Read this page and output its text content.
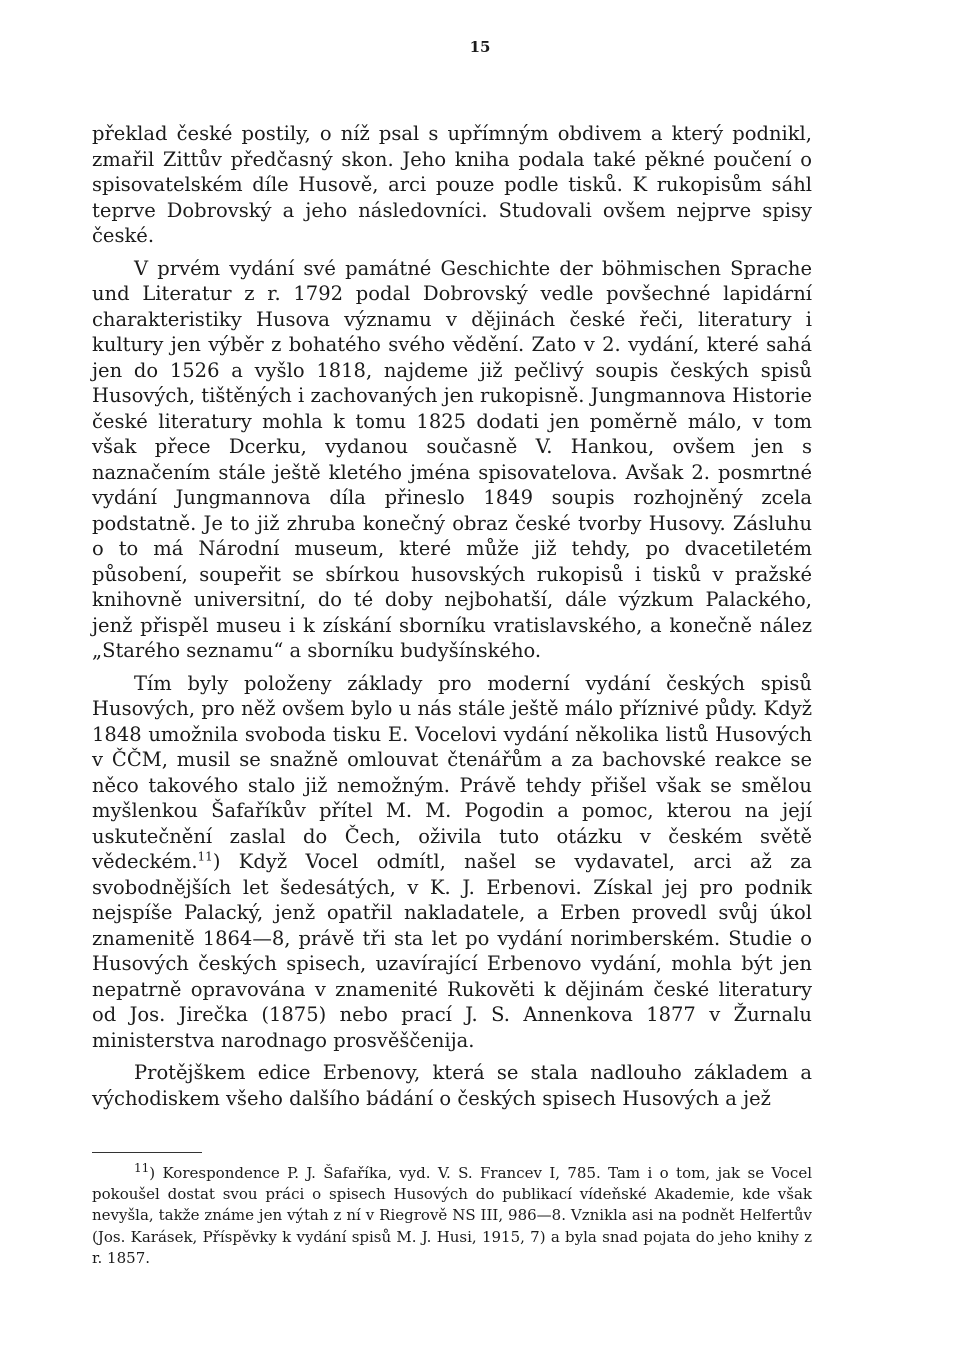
15

překlad české postily, o níž psal s upřímným obdivem a který podnikl, zmařil Zittův předčasný skon. Jeho kniha podala také pěkné poučení o spisovatelském díle Husově, arci pouze podle tisků. K rukopisům sáhl teprve Dobrovský a jeho následovníci. Studovali ovšem nejprve spisy české.

V prvém vydání své památné Geschichte der böhmischen Sprache und Literatur z r. 1792 podal Dobrovský vedle povšechné lapidární charakteristiky Husova významu v dějinách české řeči, literatury i kultury jen výběr z bohatého svého vědění. Zato v 2. vydání, které sahá jen do 1526 a vyšlo 1818, najdeme již pečlivý soupis českých spisů Husových, tištěných i zachovaných jen rukopisně. Jungmannova Historie české literatury mohla k tomu 1825 dodati jen poměrně málo, v tom však přece Dcerku, vydanou současně V. Hankou, ovšem jen s naznačením stále ještě kletého jména spisovatelova. Avšak 2. posmrtné vydání Jungmannova díla přineslo 1849 soupis rozhojněný zcela podstatně. Je to již zhruba konečný obraz české tvorby Husovy. Zásluhu o to má Národní museum, které může již tehdy, po dvacetiletém působení, soupeřit se sbírkou husovských rukopisů i tisků v pražské knihovně universitní, do té doby nejbohatší, dále výzkum Palackého, jenž přispěl museu i k získání sborníku vratislavského, a konečně nález „Starého seznamu“ a sborníku budyšínského.

Tím byly položeny základy pro moderní vydání českých spisů Husových, pro něž ovšem bylo u nás stále ještě málo příznivé půdy. Když 1848 umožnila svoboda tisku E. Vocelovi vydání několika listů Husových v ČČM, musil se snažně omlouvat čtenářům a za bachovské reakce se něco takového stalo již nemožným. Právě tehdy přišel však se smělou myšlenkou Šafaříkův přítel M. M. Pogodin a pomoc, kterou na její uskutečnění zaslal do Čech, oživila tuto otázku v českém světě vědeckém.$^{11}$) Když Vocel odmítl, našel se vydavatel, arci až za svobodnějších let šedesátých, v K. J. Erbenovi. Získal jej pro podnik nejspíše Palacký, jenž opatřil nakladatele, a Erben provedl svůj úkol znamenitě 1864—8, právě tři sta let po vydání norimberském. Studie o Husových českých spisech, uzavírající Erbenovo vydání, mohla být jen nepatrně opravována v znamenité Rukověti k dějinám české literatury od Jos. Jirečka (1875) nebo prací J. S. Annenkova 1877 v Žurnalu ministerstva narodnago prosvěščenija.

Protějškem edice Erbenovy, která se stala nadlouho základem a východiskem všeho dalšího bádání o českých spisech Husových a jež

$^{11}$) Korespondence P. J. Šafaříka, vyd. V. S. Francev I, 785. Tam i o tom, jak se Vocel pokoušel dostat svou práci o spisech Husových do publikací vídeňské Akademie, kde však nevyšla, takže známe jen výtah z ní v Riegrově NS III, 986—8. Vznikla asi na podnět Helfertův (Jos. Karásek, Příspěvky k vydání spisů M. J. Husi, 1915, 7) a byla snad pojata do jeho knihy z r. 1857.
